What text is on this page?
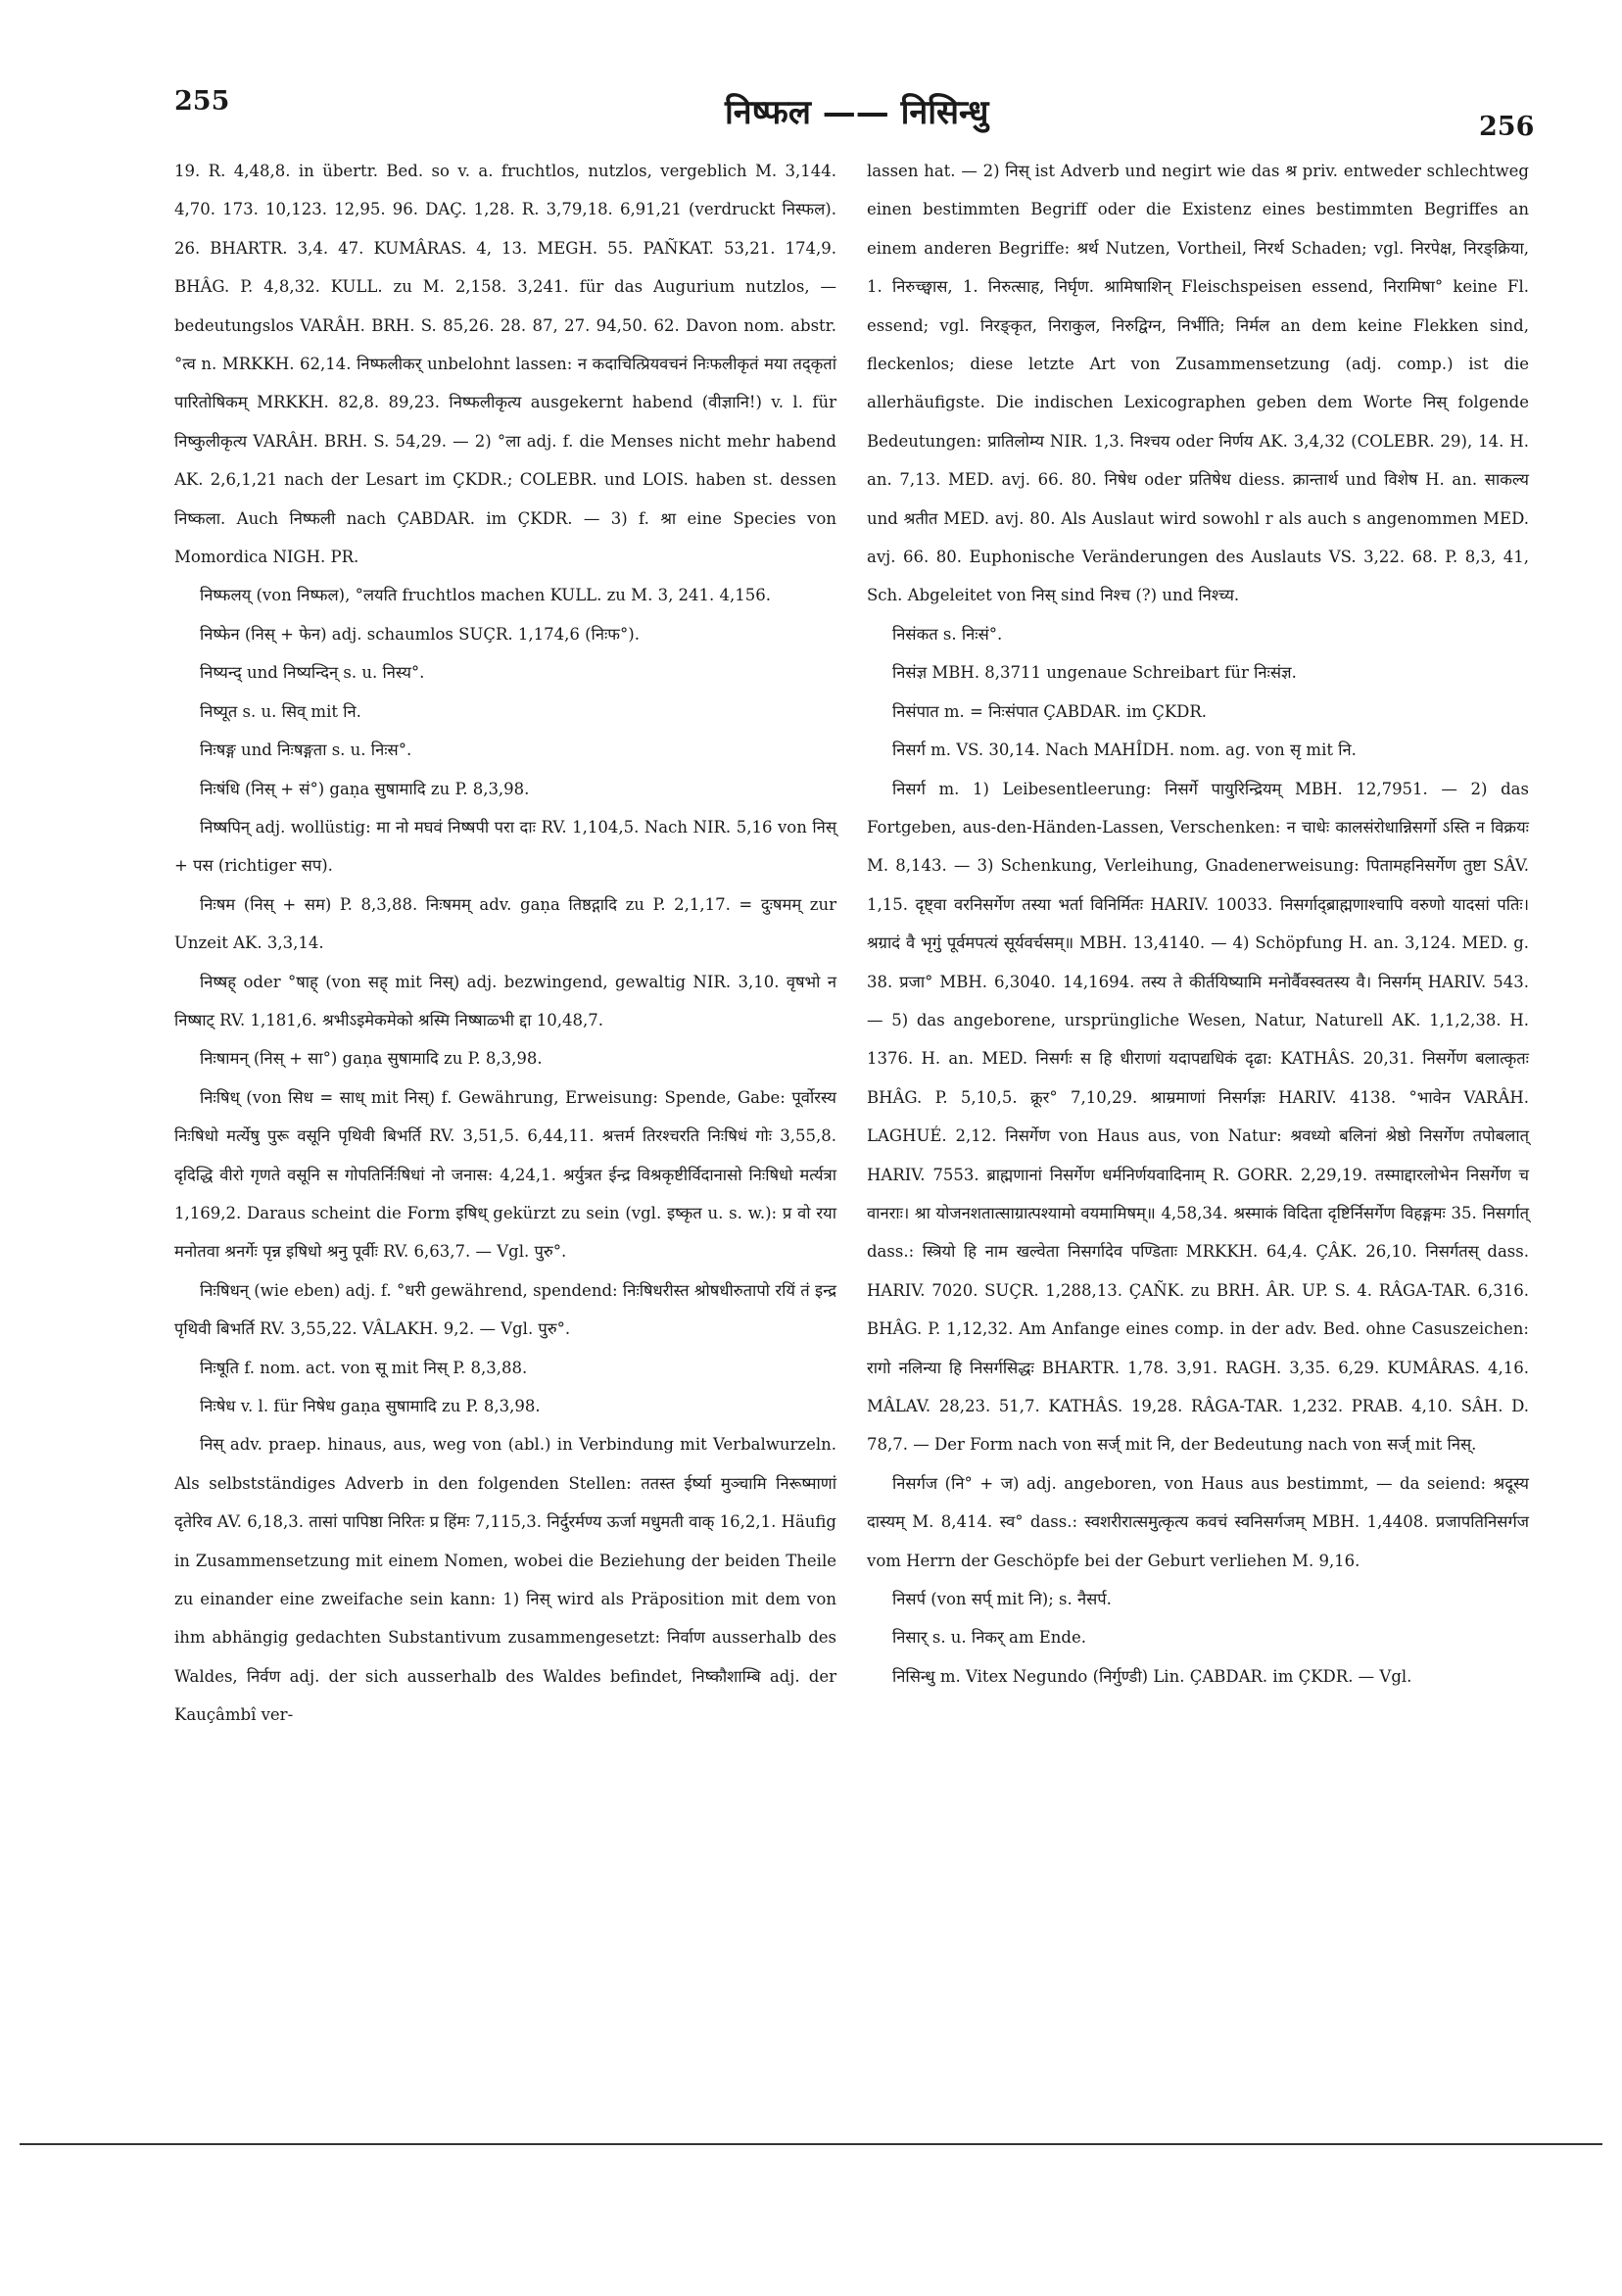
255	निष्फल —— निसिन्धु	256

19. R. 4,48,8. in übertr. Bed. so v. a. fruchtlos, nutzlos, vergeblich M. 3,144. 4,70. 173. 10,123. 12,95. 96. DAÇ. 1,28. R. 3,79,18. 6,91,21 (verdruckt निस्फल). 26. BHARTR. 3,4. 47. KUMÂRAS. 4, 13. MEGH. 55. PAÑKAT. 53,21. 174,9. BHÂG. P. 4,8,32. KULL. zu M. 2,158. 3,241. für das Augurium nutzlos, — bedeutungslos VARÂH. BRH. S. 85,26. 28. 87, 27. 94,50. 62. Davon nom. abstr. °त्व n. MRKKH. 62,14. निष्फलीकर् unbelohnt lassen: न कदाचित्प्रियवचनं निःफलीकृतं मया तद्कृतां पारितोषिकम् MRKKH. 82,8. 89,23. निष्फलीकृत्य ausgekernt habend (वीज्ञानि!) v. l. für निष्कुलीकृत्य VARÂH. BRH. S. 54,29. — 2) °ला adj. f. die Menses nicht mehr habend AK. 2,6,1,21 nach der Lesart im ÇKDR.; COLEBR. und LOIS. haben st. dessen निष्कला. Auch निष्फली nach ÇABDAR. im ÇKDR. — 3) f. श्रा eine Species von Momordica NIGH. PR.

निष्फलय् (von निष्फल), °लयति fruchtlos machen KULL. zu M. 3, 241. 4,156.

निष्फेन (निस् + फेन) adj. schaumlos SUÇR. 1,174,6 (निःफ°).

निष्यन्द् und निष्यन्दिन् s. u. निस्य°.

निष्यूत s. u. सिव् mit नि.

निःषङ्ग und निःषङ्गता s. u. निःस°.

निःषंधि (निस् + सं°) gaṇa सुषामादि zu P. 8,3,98.

निष्षपिन् adj. wollüstig: मा नो मघवं निष्षपी परा दाः RV. 1,104,5. Nach NIR. 5,16 von निस् + पस (richtiger सप).

निःषम (निस् + सम) P. 8,3,88. निःषमम् adv. gaṇa तिष्ठद्गादि zu P. 2,1,17. = दुःषमम् zur Unzeit AK. 3,3,14.

निष्षह् oder °षाह् (von सह् mit निस्) adj. bezwingend, gewaltig NIR. 3,10. वृषभो न निष्षाट् RV. 1,181,6. श्रभीऽइमेकमेको श्रस्मि निष्षाळ्भी द्दा 10,48,7.

निःषामन् (निस् + सा°) gaṇa सुषामादि zu P. 8,3,98.

निःषिध् (von सिध = साध् mit निस्) f. Gewährung, Erweisung: Spende, Gabe: पूर्वोरस्य निःषिधो मर्त्येषु पुरू वसूनि पृथिवी बिभर्ति RV. 3,51,5. 6,44,11. श्रत्तर्म तिरश्चरति निःषिधं गोः 3,55,8. दृदिद्धि वीरो गृणते वसूनि स गोपतिर्निःषिधां नो जनास: 4,24,1. श्रर्युत्रत ईन्द्र विश्रकृष्टीर्विदानासो निःषिधो मर्त्यत्रा 1,169,2. Daraus scheint die Form इषिध् gekürzt zu sein (vgl. इष्कृत u. s. w.): प्र वो रया मनोतवा श्रनर्गेः पृन्न इषिधो श्रनु पूर्वीः RV. 6,63,7. — Vgl. पुरु°.

निःषिधन् (wie eben) adj. f. °धरी gewährend, spendend: निःषिधरीस्त श्रोषधीरुतापो रयिं तं इन्द्र पृथिवी बिभर्ति RV. 3,55,22. VÂLAKH. 9,2. — Vgl. पुरु°.

निःषूति f. nom. act. von सू mit निस् P. 8,3,88.

निःषेध v. l. für निषेध gaṇa सुषामादि zu P. 8,3,98.

निस् adv. praep. hinaus, aus, weg von (abl.) in Verbindung mit Verbalwurzeln. Als selbstständiges Adverb in den folgenden Stellen: ततस्त ईर्ष्या मुञ्चामि निरूष्माणां दृतेरिव AV. 6,18,3. तासां पापिष्ठा निरितः प्र हिंमः 7,115,3. निर्दुरर्मण्य ऊर्जा मधुमती वाक् 16,2,1. Häufig in Zusammensetzung mit einem Nomen, wobei die Beziehung der beiden Theile zu einander eine zweifache sein kann: 1) निस् wird als Präposition mit dem von ihm abhängig gedachten Substantivum zusammengesetzt: निर्वाण ausserhalb des Waldes, निर्वण adj. der sich ausserhalb des Waldes befindet, निष्कौशाम्बि adj. der Kauçâmbî ver-

lassen hat. — 2) निस् ist Adverb und negirt wie das श्र priv. entweder schlechtweg einen bestimmten Begriff oder die Existenz eines bestimmten Begriffes an einem anderen Begriffe: श्रर्थ Nutzen, Vortheil, निरर्थ Schaden; vgl. निरपेक्ष, निरङ्क्रिया, 1. निरुच्छ्वास, 1. निरुत्साह, निर्घृण. श्रामिषाशिन् Fleischspeisen essend, निरामिषा° keine Fl. essend; vgl. निरङ्कृत, निराकुल, निरुद्विग्न, निर्भीति; निर्मल an dem keine Flekken sind, fleckenlos; diese letzte Art von Zusammensetzung (adj. comp.) ist die allerhäufigste. Die indischen Lexicographen geben dem Worte निस् folgende Bedeutungen: प्रातिलोम्य NIR. 1,3. निश्चय oder निर्णय AK. 3,4,32 (COLEBR. 29), 14. H. an. 7,13. MED. avj. 66. 80. निषेध oder प्रतिषेध diess. क्रान्तार्थ und विशेष H. an. साकल्य und श्रतीत MED. avj. 80. Als Auslaut wird sowohl r als auch s angenommen MED. avj. 66. 80. Euphonische Veränderungen des Auslauts VS. 3,22. 68. P. 8,3, 41, Sch. Abgeleitet von निस् sind निश्च (?) und निश्च्य.

निसंकत s. निःसं°.

निसंज्ञ MBH. 8,3711 ungenaue Schreibart für निःसंज्ञ.

निसंपात m. = निःसंपात ÇABDAR. im ÇKDR.

निसर्ग m. VS. 30,14. Nach MAHÎDH. nom. ag. von सृ mit नि.

निसर्ग m. 1) Leibesentleerung: निसर्गे पायुरिन्द्रियम् MBH. 12,7951. — 2) das Fortgeben, aus-den-Händen-Lassen, Verschenken: न चाधेः कालसंरोधान्निसर्गो ऽस्ति न विक्रयः M. 8,143. — 3) Schenkung, Verleihung, Gnadenerweisung: पितामहनिसर्गेण तुष्टा SÂV. 1,15. दृष्ट्वा वरनिसर्गेण तस्या भर्ता विनिर्मितः HARIV. 10033. निसर्गाद्ब्राह्मणाश्चापि वरुणो यादसां पतिः। श्रग्रादं वै भृगुं पूर्वमपत्यं सूर्यवर्चसम्॥ MBH. 13,4140. — 4) Schöpfung H. an. 3,124. MED. g. 38. प्रजा° MBH. 6,3040. 14,1694. तस्य ते कीर्तयिष्यामि मनोर्वैवस्वतस्य वै। निसर्गम् HARIV. 543. — 5) das angeborene, ursprüngliche Wesen, Natur, Naturell AK. 1,1,2,38. H. 1376. H. an. MED. निसर्गः स हि धीराणां यदापद्यधिकं दृढा: KATHÂS. 20,31. निसर्गेण बलात्कृतः BHÂG. P. 5,10,5. क्रूर° 7,10,29. श्राम्रमाणां निसर्गज्ञः HARIV. 4138. °भावेन VARÂH. LAGHUÉ. 2,12. निसर्गेण von Haus aus, von Natur: श्रवध्यो बलिनां श्रेष्ठो निसर्गेण तपोबलात् HARIV. 7553. ब्राह्मणानां निसर्गेण धर्मनिर्णयवादिनाम् R. GORR. 2,29,19. तस्माद्दारलोभेन निसर्गेण च वानराः। श्रा योजनशतात्साग्रात्पश्यामो वयमामिषम्॥ 4,58,34. श्रस्माकं विदिता दृष्टिर्निसर्गेण विहङ्गमः 35. निसर्गात् dass.: स्त्रियो हि नाम खल्वेता निसर्गादेव पण्डिताः MRKKH. 64,4. ÇÂK. 26,10. निसर्गतस् dass. HARIV. 7020. SUÇR. 1,288,13. ÇAÑK. zu BRH. ÂR. UP. S. 4. RÂGA-TAR. 6,316. BHÂG. P. 1,12,32. Am Anfange eines comp. in der adv. Bed. ohne Casuszeichen: रागो नलिन्या हि निसर्गसिद्धः BHARTR. 1,78. 3,91. RAGH. 3,35. 6,29. KUMÂRAS. 4,16. MÂLAV. 28,23. 51,7. KATHÂS. 19,28. RÂGA-TAR. 1,232. PRAB. 4,10. SÂH. D. 78,7. — Der Form nach von सर्ज् mit नि, der Bedeutung nach von सर्ज् mit निस्.

निसर्गज (नि° + ज) adj. angeboren, von Haus aus bestimmt, — da seiend: श्रदूस्य दास्यम् M. 8,414. स्व° dass.: स्वशरीरात्समुत्कृत्य कवचं स्वनिसर्गजम् MBH. 1,4408. प्रजापतिनिसर्गज vom Herrn der Geschöpfe bei der Geburt verliehen M. 9,16.

निसर्प (von सर्प् mit नि); s. नैसर्प.

निसार् s. u. निकर् am Ende.

निसिन्धु m. Vitex Negundo (निर्गुण्डी) Lin. ÇABDAR. im ÇKDR. — Vgl.
